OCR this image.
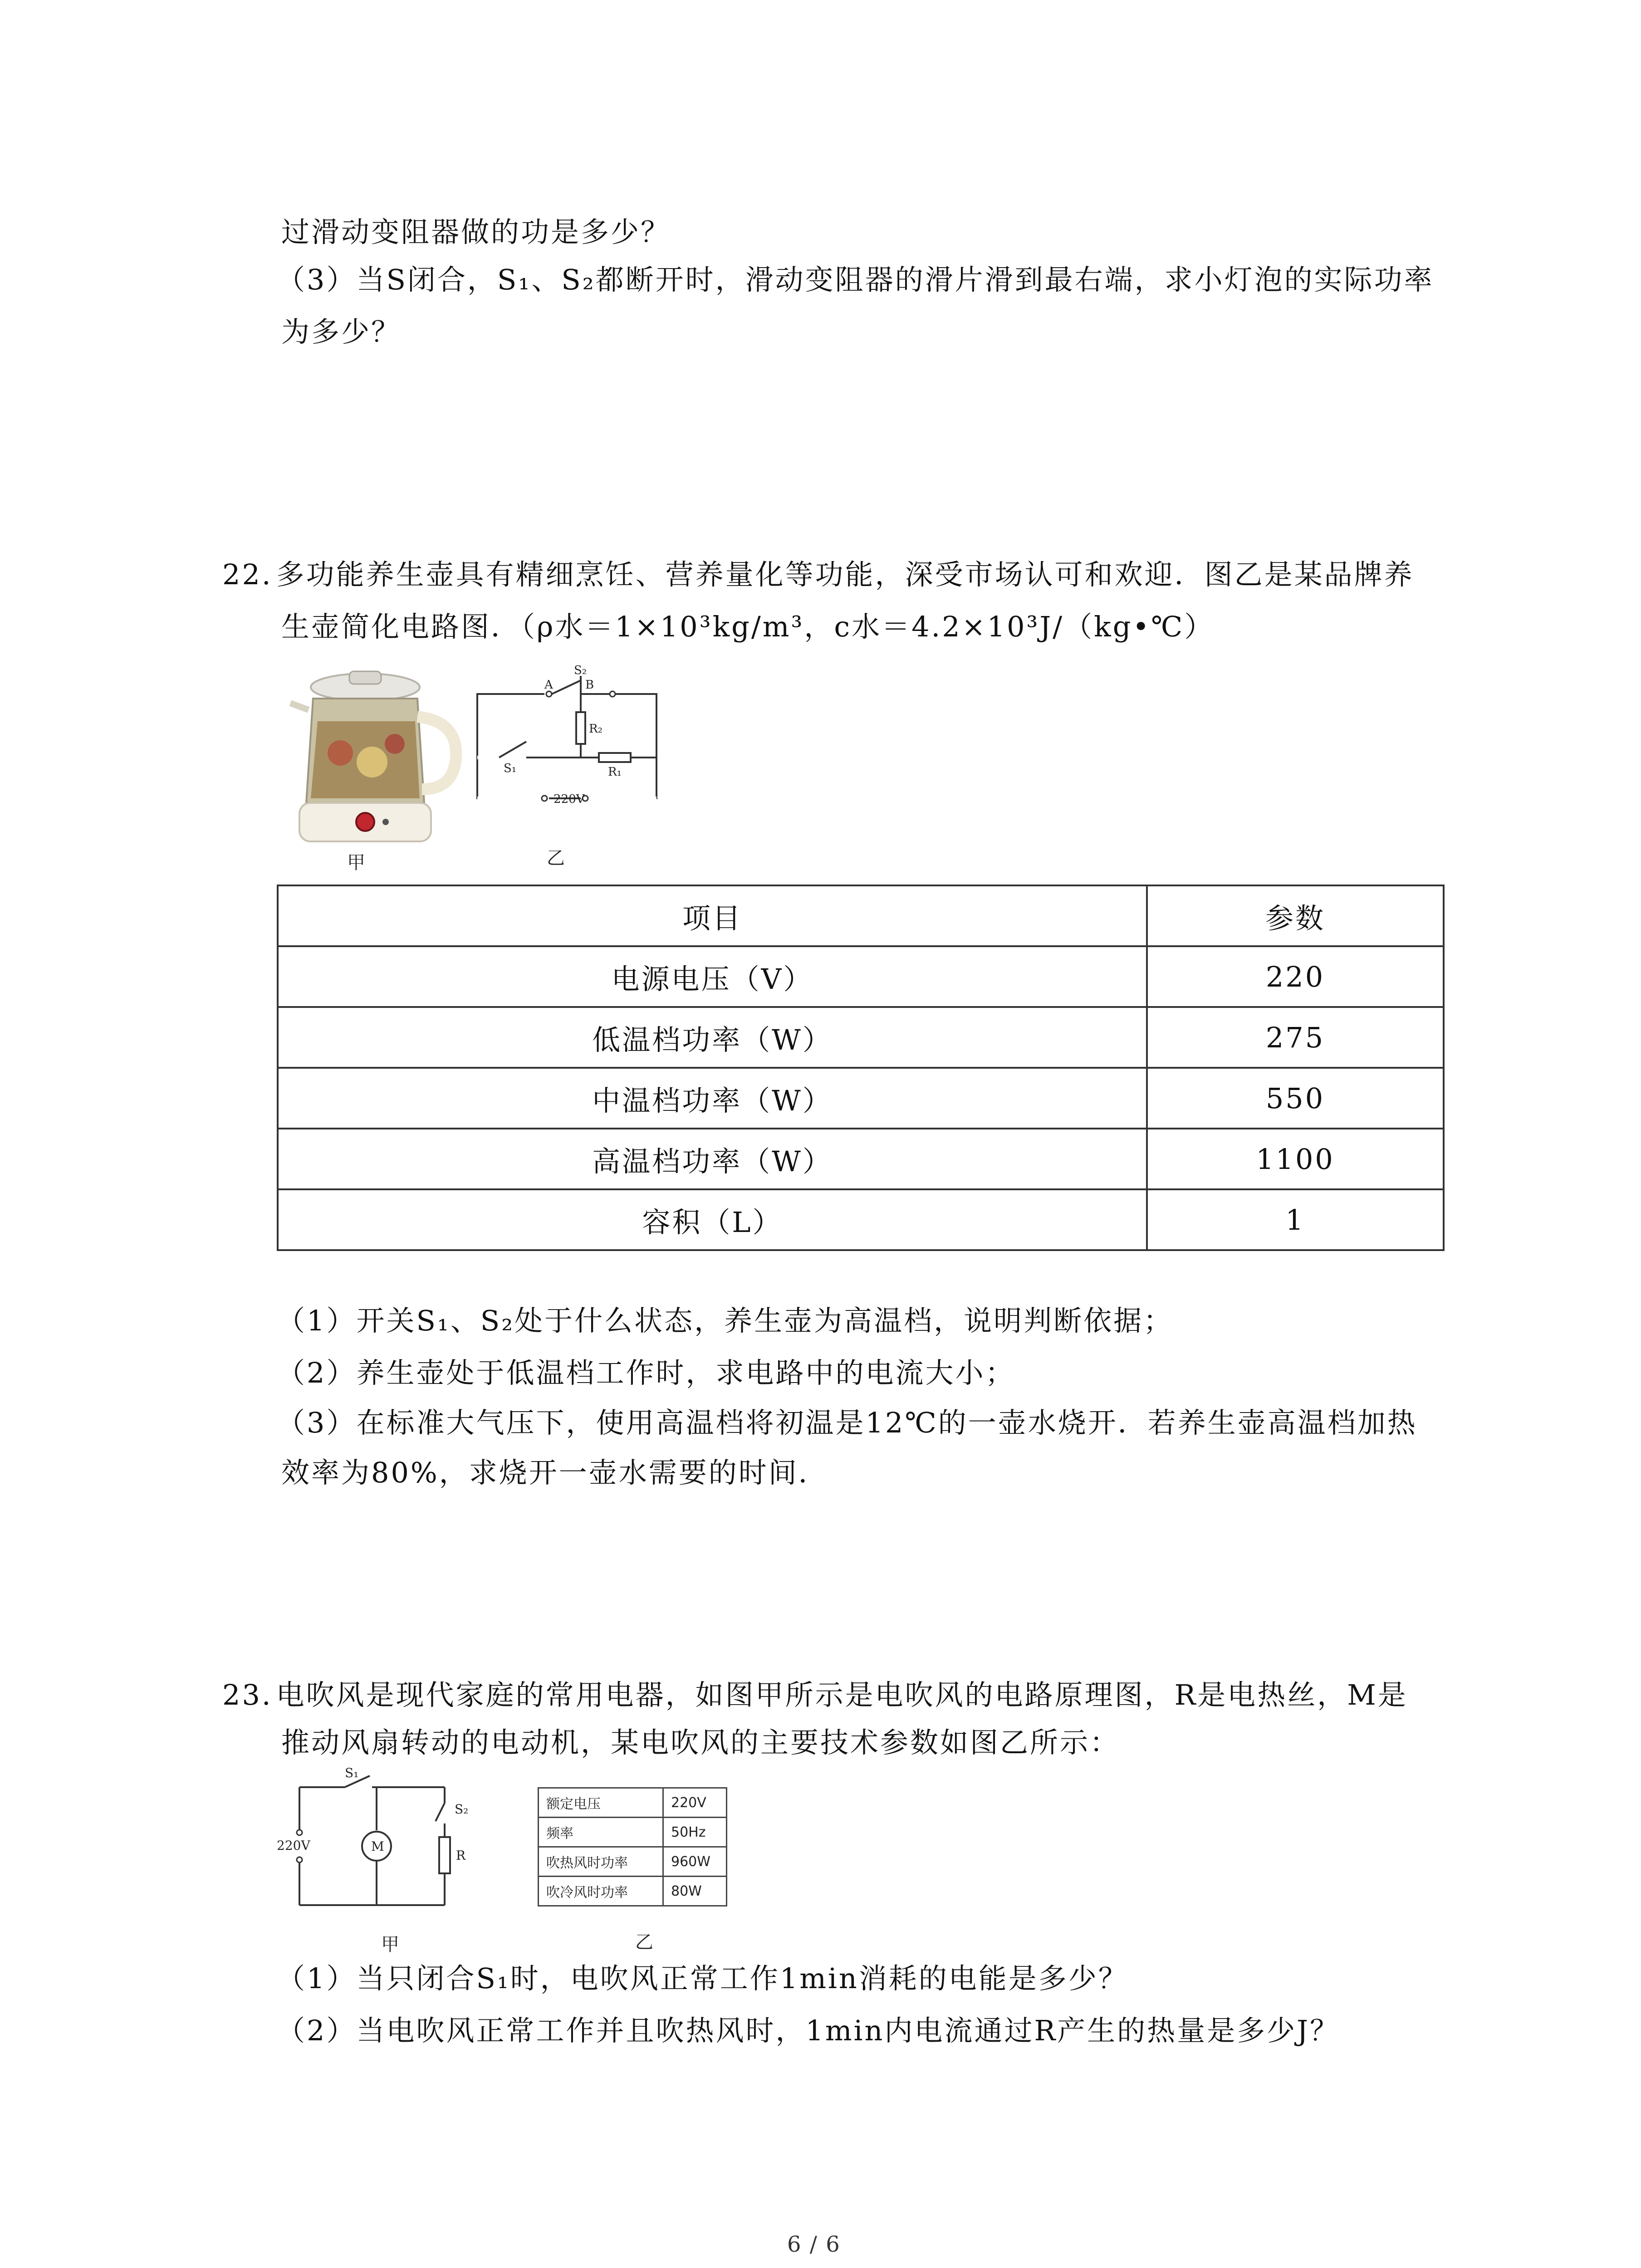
过滑动变阻器做的功是多少？

（3）当S闭合，S₁、S₂都断开时，滑动变阻器的滑片滑到最右端，求小灯泡的实际功率

为多少？

22. 多功能养生壶具有精细烹饪、营养量化等功能，深受市场认可和欢迎．图乙是某品牌养

生壶简化电路图．（ρ水＝1×10³kg/m³，c水＝4.2×10³J/（kg•℃）

A	B
S₂
R₂
S₁	R₁
220V
甲	乙
项目	参数
电源电压（V）	220
低温档功率（W）	275
中温档功率（W）	550
高温档功率（W）	1100
容积（L）	1

（1）开关S₁、S₂处于什么状态，养生壶为高温档，说明判断依据；

（2）养生壶处于低温档工作时，求电路中的电流大小；

（3）在标准大气压下，使用高温档将初温是12℃的一壶水烧开．若养生壶高温档加热

效率为80%，求烧开一壶水需要的时间．

23. 电吹风是现代家庭的常用电器，如图甲所示是电吹风的电路原理图，R是电热丝，M是

推动风扇转动的电动机，某电吹风的主要技术参数如图乙所示：

S₁
S₂
220V	M
R
额定电压	220V
频率	50Hz
吹热风时功率	960W
吹冷风时功率	80W
甲	乙

（1）当只闭合S₁时，电吹风正常工作1min消耗的电能是多少？

（2）当电吹风正常工作并且吹热风时，1min内电流通过R产生的热量是多少J？

6 / 6
